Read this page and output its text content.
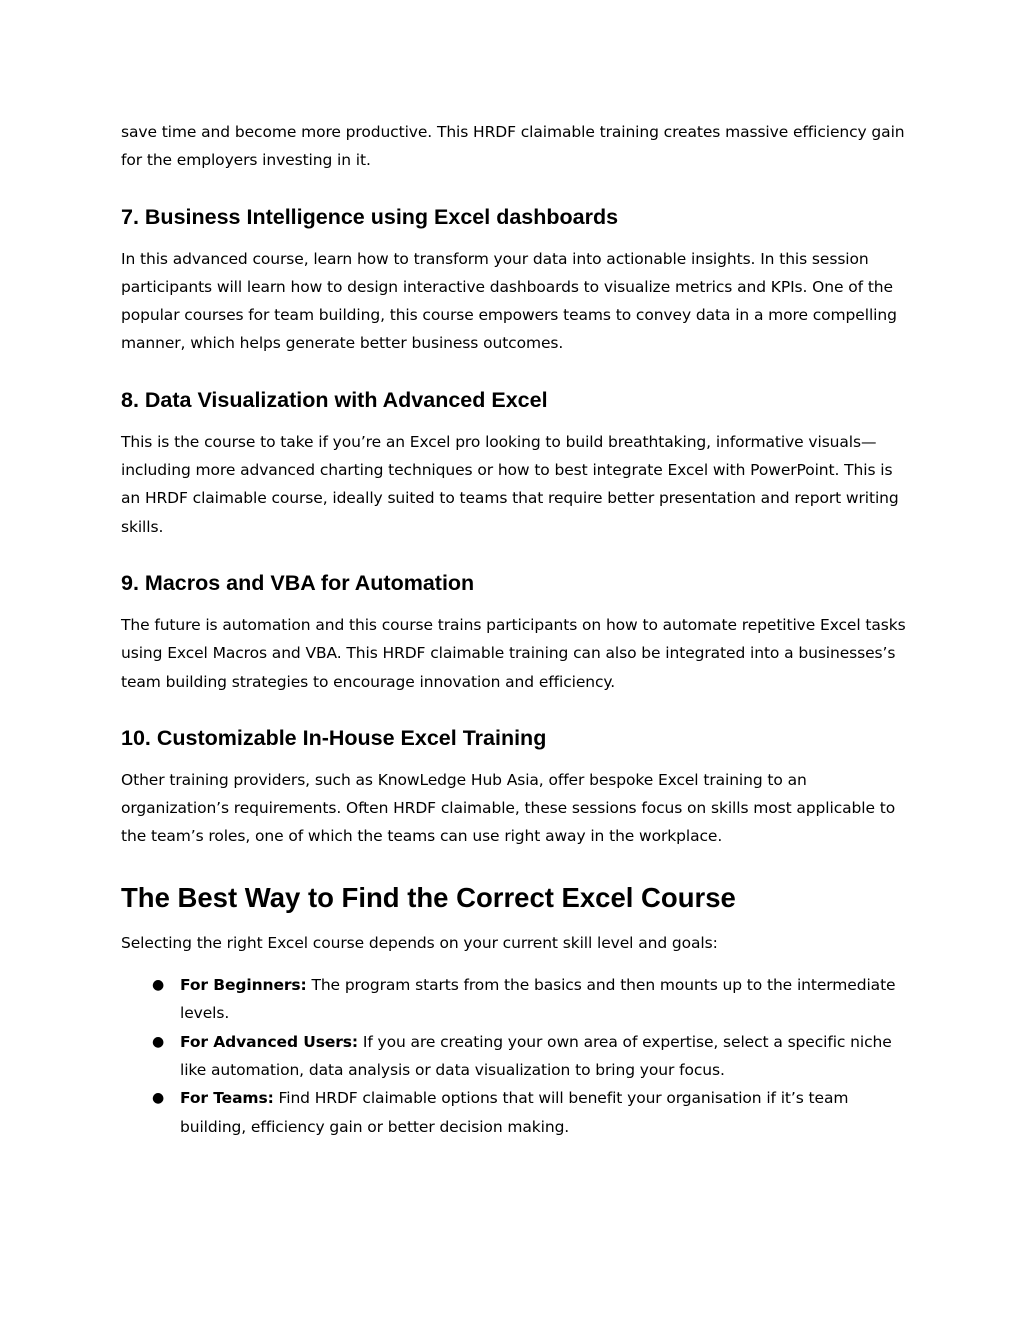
save time and become more productive. This HRDF claimable training creates massive efficiency gain for the employers investing in it.

7. Business Intelligence using Excel dashboards

In this advanced course, learn how to transform your data into actionable insights. In this session participants will learn how to design interactive dashboards to visualize metrics and KPIs. One of the popular courses for team building, this course empowers teams to convey data in a more compelling manner, which helps generate better business outcomes.

8. Data Visualization with Advanced Excel

This is the course to take if you’re an Excel pro looking to build breathtaking, informative visuals—including more advanced charting techniques or how to best integrate Excel with PowerPoint. This is an HRDF claimable course, ideally suited to teams that require better presentation and report writing skills.

9. Macros and VBA for Automation

The future is automation and this course trains participants on how to automate repetitive Excel tasks using Excel Macros and VBA. This HRDF claimable training can also be integrated into a businesses’s team building strategies to encourage innovation and efficiency.

10. Customizable In-House Excel Training

Other training providers, such as KnowLedge Hub Asia, offer bespoke Excel training to an organization’s requirements. Often HRDF claimable, these sessions focus on skills most applicable to the team’s roles, one of which the teams can use right away in the workplace.

The Best Way to Find the Correct Excel Course

Selecting the right Excel course depends on your current skill level and goals:

● For Beginners: The program starts from the basics and then mounts up to the intermediate levels.
● For Advanced Users: If you are creating your own area of expertise, select a specific niche like automation, data analysis or data visualization to bring your focus.
● For Teams: Find HRDF claimable options that will benefit your organisation if it’s team building, efficiency gain or better decision making.
